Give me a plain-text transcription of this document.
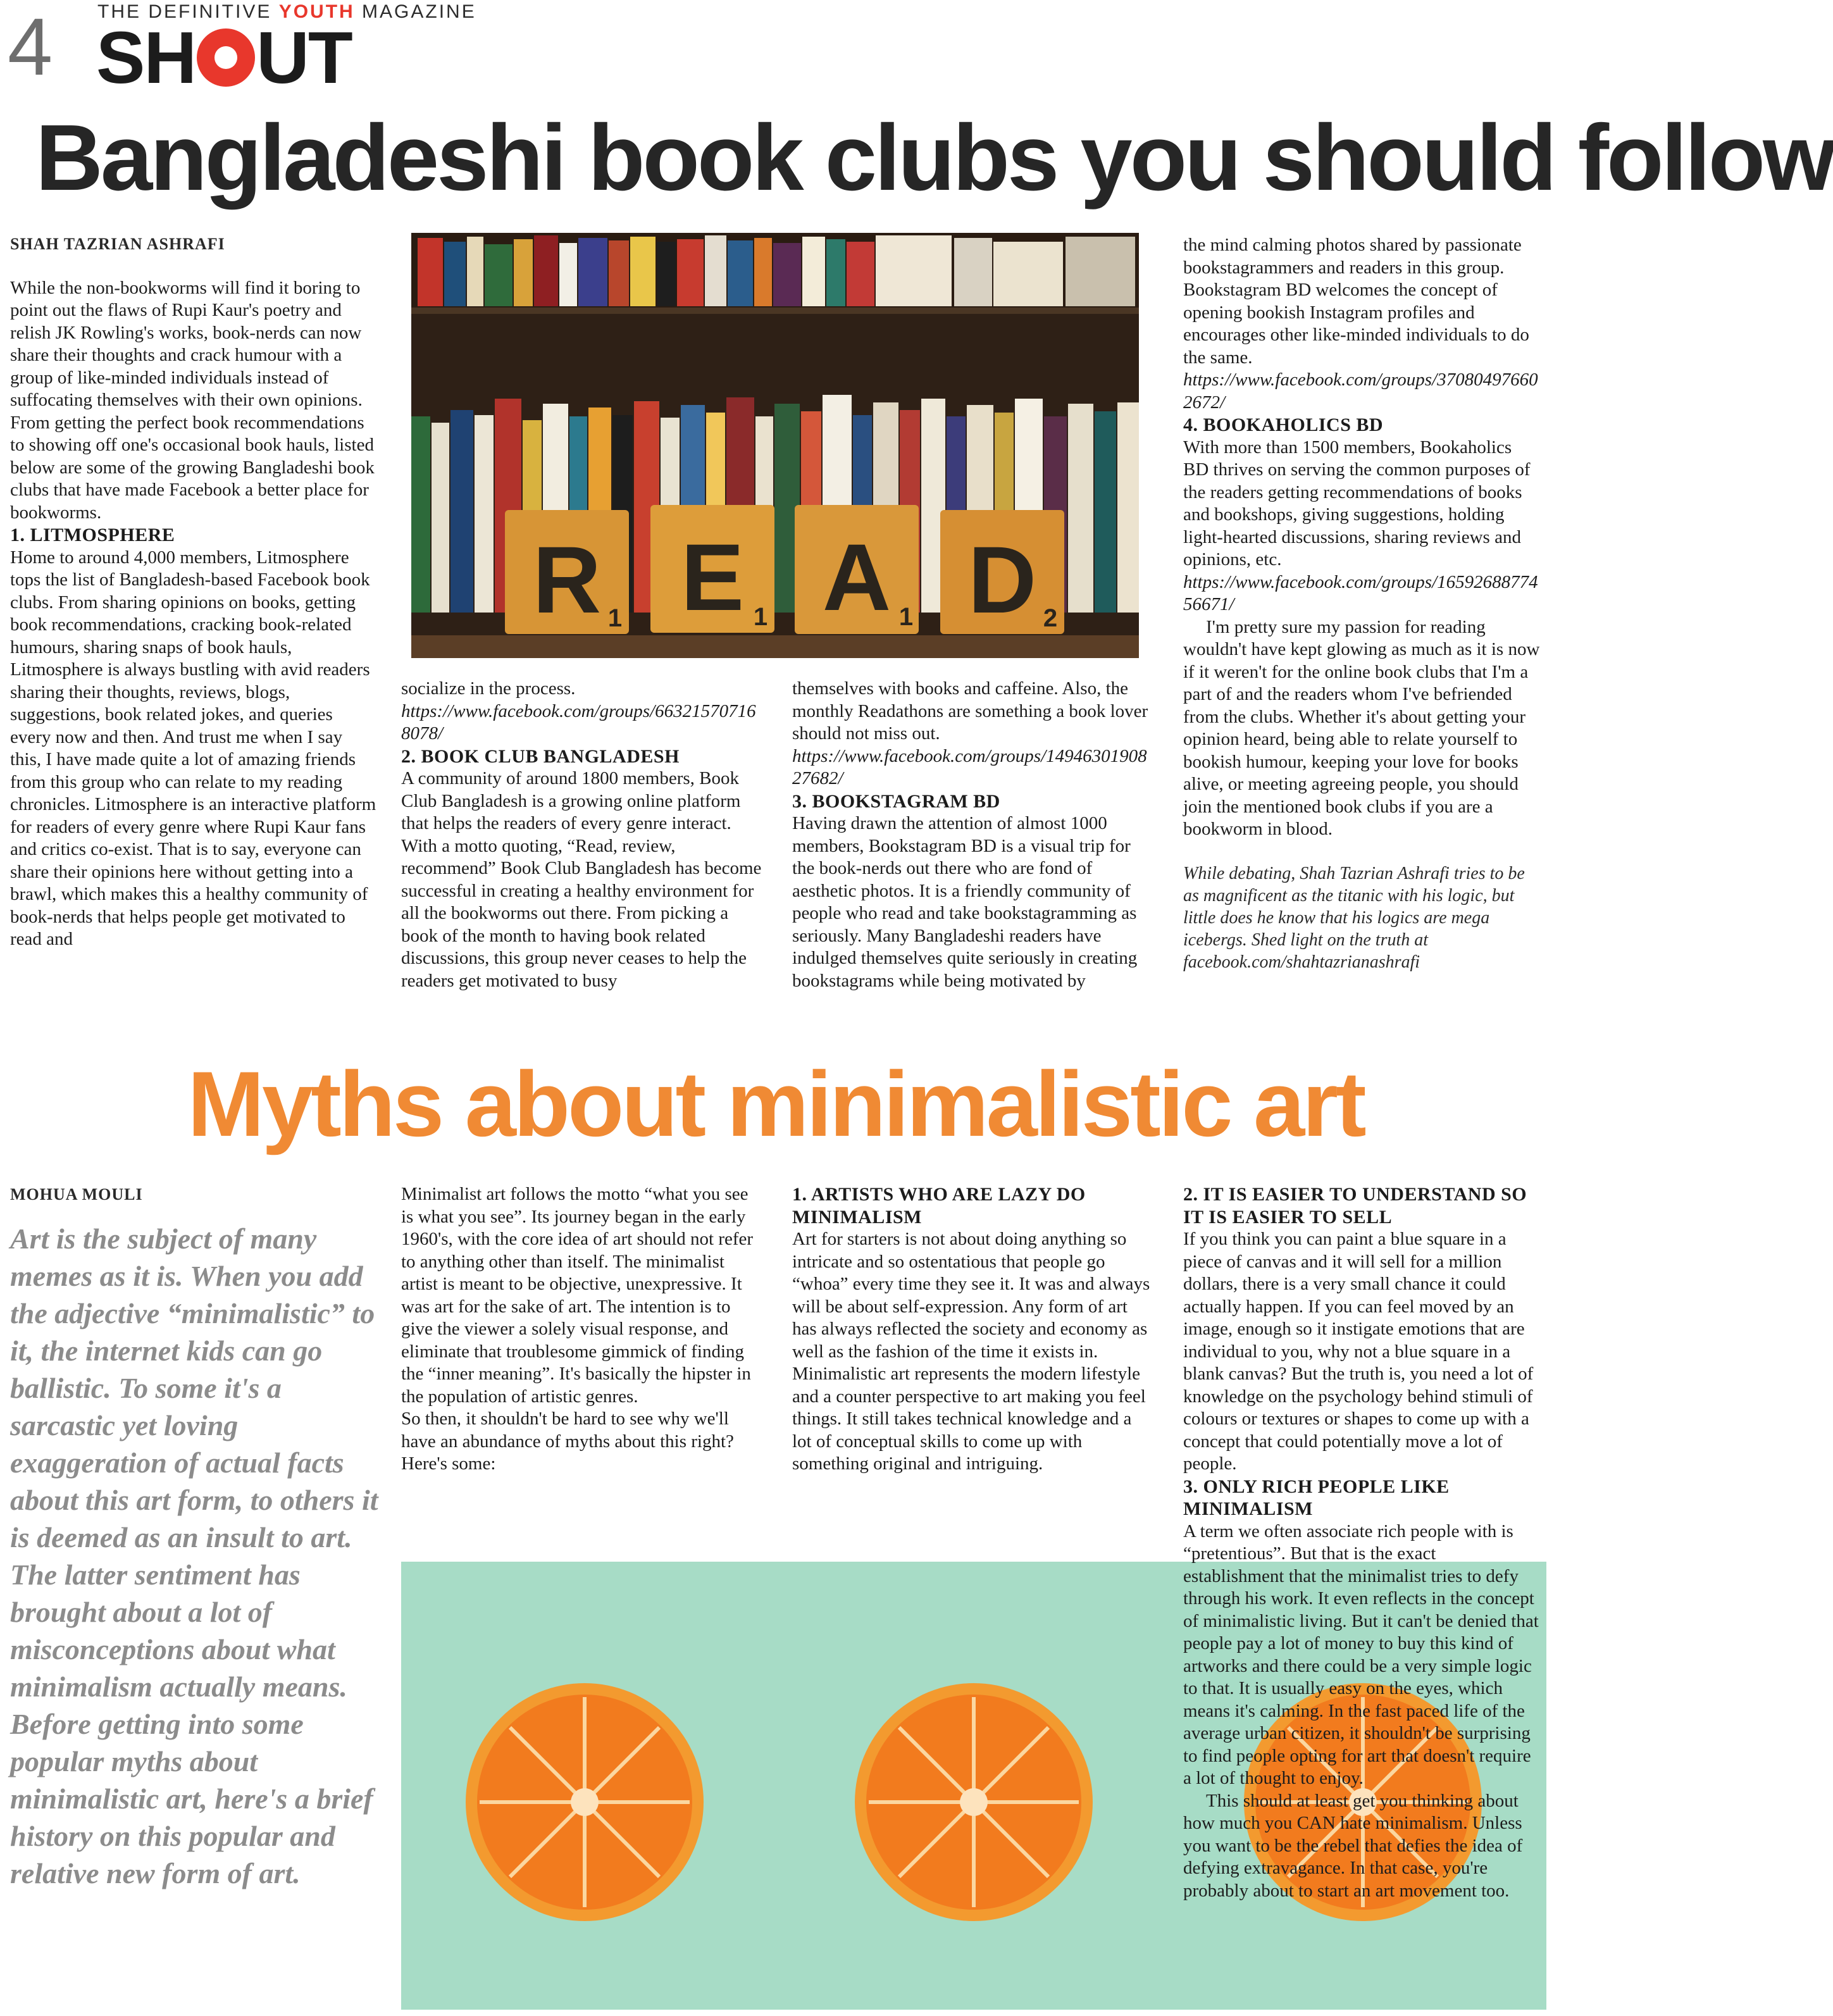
4 THE DEFINITIVE YOUTH MAGAZINE
SH UT
Bangladeshi book clubs you should follow

SHAH TAZRIAN ASHRAFI

While the non-bookworms will find it boring to point out the flaws of Rupi Kaur's poetry and relish JK Rowling's works, book-nerds can now share their thoughts and crack humour with a group of like-minded individuals instead of suffocating themselves with their own opinions. From getting the perfect book recommendations to showing off one's occasional book hauls, listed below are some of the growing Bangladeshi book clubs that have made Facebook a better place for bookworms.

1. LITMOSPHERE

Home to around 4,000 members, Litmosphere tops the list of Bangladesh-based Facebook book clubs. From sharing opinions on books, getting book recommendations, cracking book-related humours, sharing snaps of book hauls, Litmosphere is always bustling with avid readers sharing their thoughts, reviews, blogs, suggestions, book related jokes, and queries every now and then. And trust me when I say this, I have made quite a lot of amazing friends from this group who can relate to my reading chronicles. Litmosphere is an interactive platform for readers of every genre where Rupi Kaur fans and critics co-exist. That is to say, everyone can share their opinions here without getting into a brawl, which makes this a healthy community of book-nerds that helps people get motivated to read and

R E A D
1	1	1	2

socialize in the process.

https://www.facebook.com/groups/663215707168078/

2. BOOK CLUB BANGLADESH

A community of around 1800 members, Book Club Bangladesh is a growing online platform that helps the readers of every genre interact. With a motto quoting, “Read, review, recommend” Book Club Bangladesh has become successful in creating a healthy environment for all the bookworms out there. From picking a book of the month to having book related discussions, this group never ceases to help the readers get motivated to busy

themselves with books and caffeine. Also, the monthly Readathons are something a book lover should not miss out.

https://www.facebook.com/groups/1494630190827682/

3. BOOKSTAGRAM BD

Having drawn the attention of almost 1000 members, Bookstagram BD is a visual trip for the book-nerds out there who are fond of aesthetic photos. It is a friendly community of people who read and take bookstagramming as seriously. Many Bangladeshi readers have indulged themselves quite seriously in creating bookstagrams while being motivated by

the mind calming photos shared by passionate bookstagrammers and readers in this group. Bookstagram BD welcomes the concept of opening bookish Instagram profiles and encourages other like-minded individuals to do the same.

https://www.facebook.com/groups/370804976602672/

4. BOOKAHOLICS BD

With more than 1500 members, Bookaholics BD thrives on serving the common purposes of the readers getting recommendations of books and bookshops, giving suggestions, holding light-hearted discussions, sharing reviews and opinions, etc.

https://www.facebook.com/groups/1659268877456671/

I'm pretty sure my passion for reading wouldn't have kept glowing as much as it is now if it weren't for the online book clubs that I'm a part of and the readers whom I've befriended from the clubs. Whether it's about getting your opinion heard, being able to relate yourself to bookish humour, keeping your love for books alive, or meeting agreeing people, you should join the mentioned book clubs if you are a bookworm in blood.

While debating, Shah Tazrian Ashrafi tries to be as magnificent as the titanic with his logic, but little does he know that his logics are mega icebergs. Shed light on the truth at facebook.com/shahtazrianashrafi

Myths about minimalistic art

MOHUA MOULI

Art is the subject of many memes as it is. When you add the adjective “minimalistic” to it, the internet kids can go ballistic. To some it's a sarcastic yet loving exaggeration of actual facts about this art form, to others it is deemed as an insult to art. The latter sentiment has brought about a lot of misconceptions about what minimalism actually means. Before getting into some popular myths about minimalistic art, here's a brief history on this popular and relative new form of art.

Minimalist art follows the motto “what you see is what you see”. Its journey began in the early 1960's, with the core idea of art should not refer to anything other than itself. The minimalist artist is meant to be objective, unexpressive. It was art for the sake of art. The intention is to give the viewer a solely visual response, and eliminate that troublesome gimmick of finding the “inner meaning”. It's basically the hipster in the population of artistic genres.

So then, it shouldn't be hard to see why we'll have an abundance of myths about this right? Here's some:

1. ARTISTS WHO ARE LAZY DO MINIMALISM

Art for starters is not about doing anything so intricate and so ostentatious that people go “whoa” every time they see it. It was and always will be about self-expression. Any form of art has always reflected the society and economy as well as the fashion of the time it exists in. Minimalistic art represents the modern lifestyle and a counter perspective to art making you feel things. It still takes technical knowledge and a lot of conceptual skills to come up with something original and intriguing.

2. IT IS EASIER TO UNDERSTAND SO IT IS EASIER TO SELL

If you think you can paint a blue square in a piece of canvas and it will sell for a million dollars, there is a very small chance it could actually happen. If you can feel moved by an image, enough so it instigate emotions that are individual to you, why not a blue square in a blank canvas? But the truth is, you need a lot of knowledge on the psychology behind stimuli of colours or textures or shapes to come up with a concept that could potentially move a lot of people.

3. ONLY RICH PEOPLE LIKE MINIMALISM

A term we often associate rich people with is “pretentious”. But that is the exact establishment that the minimalist tries to defy through his work. It even reflects in the concept of minimalistic living. But it can't be denied that people pay a lot of money to buy this kind of artworks and there could be a very simple logic to that. It is usually easy on the eyes, which means it's calming. In the fast paced life of the average urban citizen, it shouldn't be surprising to find people opting for art that doesn't require a lot of thought to enjoy.

This should at least get you thinking about how much you CAN hate minimalism. Unless you want to be the rebel that defies the idea of defying extravagance. In that case, you're probably about to start an art movement too.
